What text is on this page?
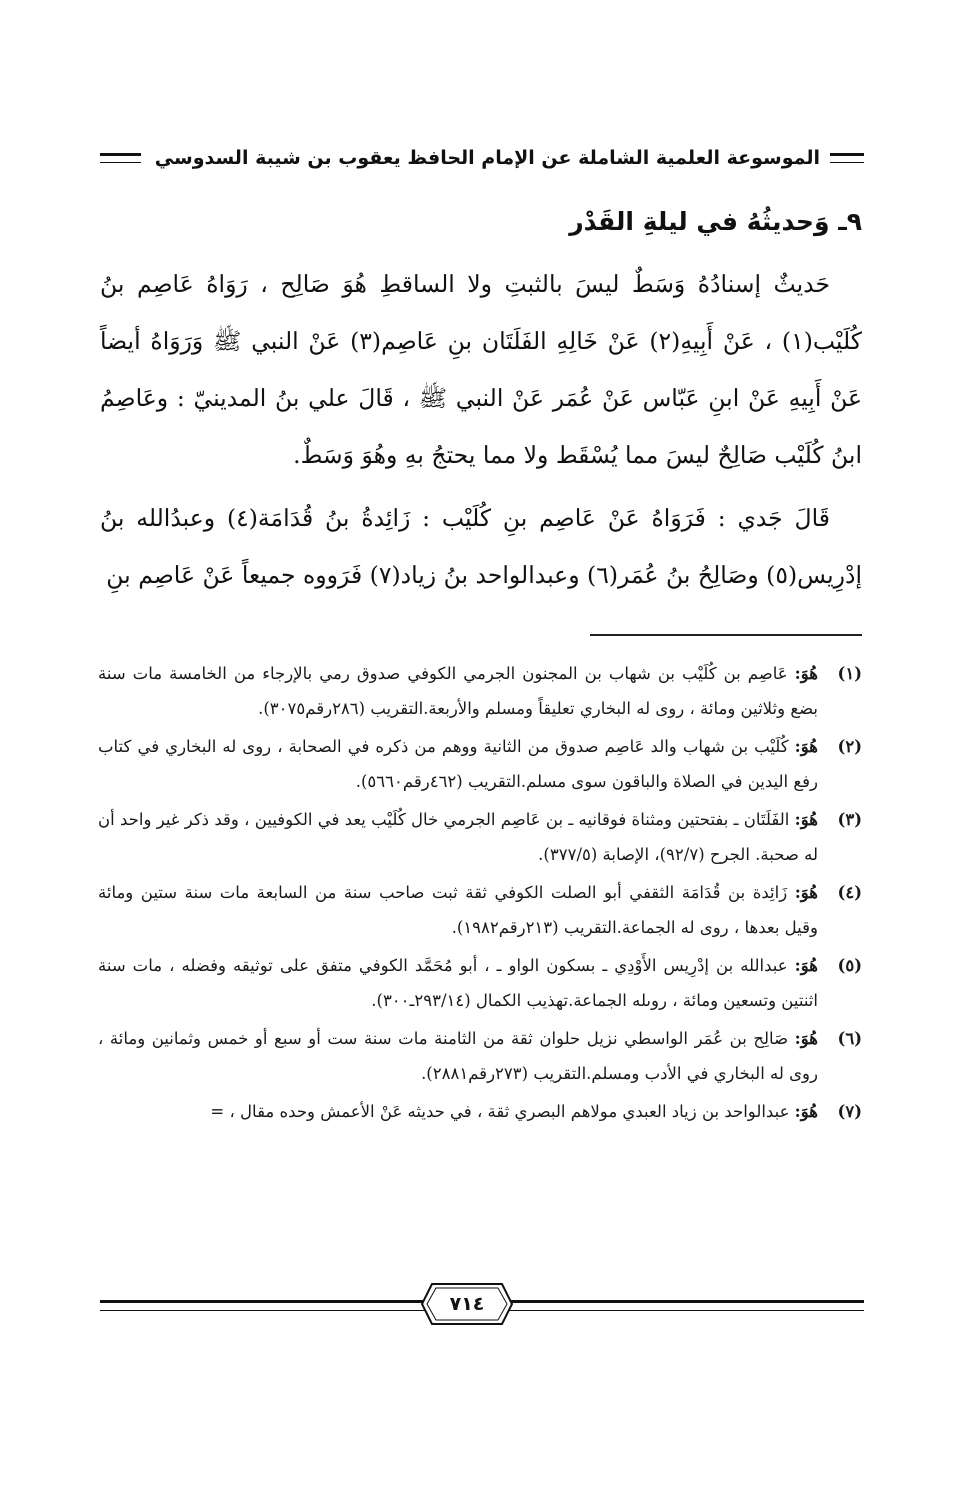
الموسوعة العلمية الشاملة عن الإمام الحافظ يعقوب بن شيبة السدوسي
٩ـ وَحديثُهُ في ليلةِ القَدْر

حَديثٌ إسنادُهُ وَسَطٌ ليسَ بالثبتِ ولا الساقطِ هُوَ صَالِح ، رَوَاهُ عَاصِم بنُ كُلَيْب(١) ، عَنْ أَبِيهِ(٢) عَنْ خَالِهِ الفَلَتَان بنِ عَاصِم(٣) عَنْ النبي ﷺ وَرَوَاهُ أيضاً عَنْ أَبِيهِ عَنْ ابنِ عَبّاس عَنْ عُمَر عَنْ النبي ﷺ ، قَالَ علي بنُ المدينيّ : وعَاصِمُ ابنُ كُلَيْب صَالِحٌ ليسَ مما يُسْقَط ولا مما يحتجُ بهِ وهُوَ وَسَطٌ.

قَالَ جَدي : فَرَوَاهُ عَنْ عَاصِم بنِ كُلَيْب : زَائِدةُ بنُ قُدَامَة(٤) وعبدُالله بنُ إدْرِيس(٥) وصَالِحُ بنُ عُمَر(٦) وعبدالواحد بنُ زياد(٧) فَرَووه جميعاً عَنْ عَاصِم بنِ

(١)
هُوَ: عَاصِم بن كُلَيْب بن شهاب بن المجنون الجرمي الكوفي صدوق رمي بالإرجاء من الخامسة مات سنة بضع وثلاثين ومائة ، روى له البخاري تعليقاً ومسلم والأربعة.التقريب (٢٨٦رقم٣٠٧٥).
(٢)
هُوَ: كُلَيْب بن شهاب والد عَاصِم صدوق من الثانية ووهم من ذكره في الصحابة ، روى له البخاري في كتاب رفع اليدين في الصلاة والباقون سوى مسلم.التقريب (٤٦٢رقم٥٦٦٠).
(٣)
هُوَ: الفَلَتَان ـ بفتحتين ومثناة فوقانيه ـ بن عَاصِم الجرمي خال كُلَيْب يعد في الكوفيين ، وقد ذكر غير واحد أن له صحبة. الجرح (٩٢/٧)، الإصابة (٣٧٧/٥).
(٤)
هُوَ: زَائِدة بن قُدَامَة الثقفي أبو الصلت الكوفي ثقة ثبت صاحب سنة من السابعة مات سنة ستين ومائة وقيل بعدها ، روى له الجماعة.التقريب (٢١٣رقم١٩٨٢).
(٥)
هُوَ: عبدالله بن إدْرِيس الأَوْدِي ـ بسكون الواو ـ ، أبو مُحَمَّد الكوفي متفق على توثيقه وفضله ، مات سنة اثنتين وتسعين ومائة ، روىله الجماعة.تهذيب الكمال (٢٩٣/١٤ـ٣٠٠).
(٦)
هُوَ: صَالِح بن عُمَر الواسطي نزيل حلوان ثقة من الثامنة مات سنة ست أو سبع أو خمس وثمانين ومائة ، روى له البخاري في الأدب ومسلم.التقريب (٢٧٣رقم٢٨٨١).
(٧)
هُوَ: عبدالواحد بن زياد العبدي مولاهم البصري ثقة ، في حديثه عَنْ الأعمش وحده مقال ، =
٧١٤
